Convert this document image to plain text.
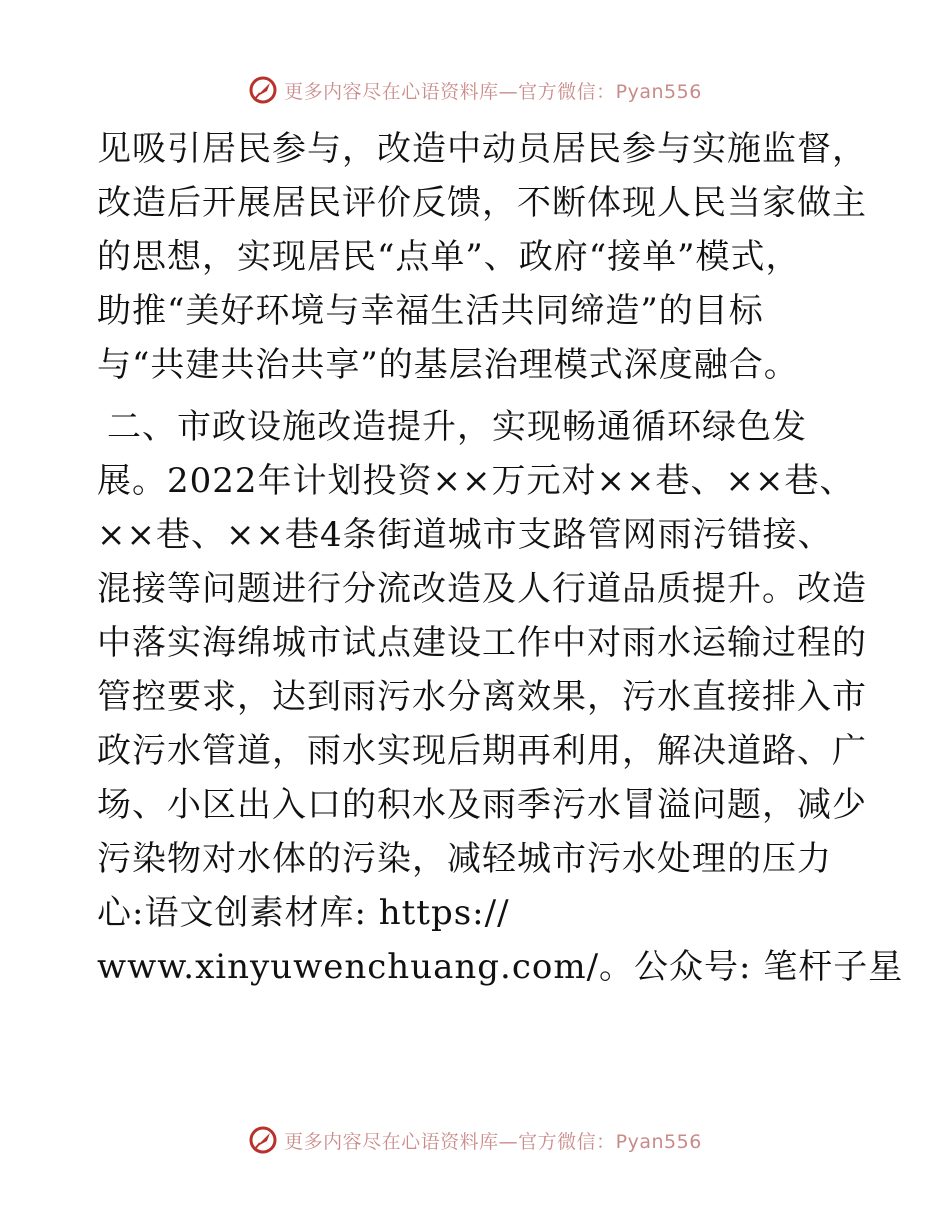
更多内容尽在心语资料库—官方微信：Pyan556
见吸引居民参与，改造中动员居民参与实施监督，
改造后开展居民评价反馈，不断体现人民当家做主
的思想，实现居民“点单”、政府“接单”模式，
助推“美好环境与幸福生活共同缔造”的目标
与“共建共治共享”的基层治理模式深度融合。
二、市政设施改造提升，实现畅通循环绿色发
展。2022年计划投资××万元对××巷、××巷、
××巷、××巷4条街道城市支路管网雨污错接、
混接等问题进行分流改造及人行道品质提升。改造
中落实海绵城市试点建设工作中对雨水运输过程的
管控要求，达到雨污水分离效果，污水直接排入市
政污水管道，雨水实现后期再利用，解决道路、广
场、小区出入口的积水及雨季污水冒溢问题，减少
污染物对水体的污染，减轻城市污水处理的压力
心:语文创素材库: https://
www.xinyuwenchuang.com/。公众号: 笔杆子星
更多内容尽在心语资料库—官方微信：Pyan556
